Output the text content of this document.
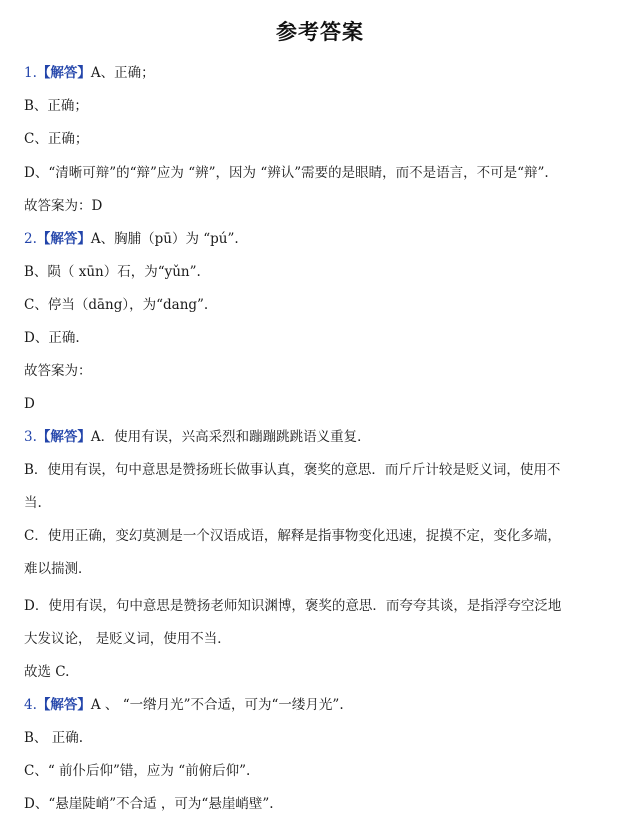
参考答案
1.【解答】A、正确；
B、正确；
C、正确；
D、“清晰可辩”的“辩”应为 “辨”，因为 “辨认”需要的是眼睛，而不是语言，不可是“辩”.
故答案为：D
2.【解答】A、胸脯（pū）为 “pú”.
B、陨（ xūn）石，为“yǔn”.
C、停当（dāng），为“dang”.
D、正确.
故答案为：
D
3.【解答】A．使用有误，兴高采烈和蹦蹦跳跳语义重复．
B．使用有误，句中意思是赞扬班长做事认真，褒奖的意思．而斤斤计较是贬义词，使用不
当.
C．使用正确，变幻莫测是一个汉语成语，解释是指事物变化迅速，捉摸不定，变化多端，
难以揣测．
D．使用有误，句中意思是赞扬老师知识渊博，褒奖的意思．而夸夸其谈，是指浮夸空泛地
大发议论， 是贬义词，使用不当．
故选 C.
4.【解答】A 、 “一绺月光”不合适，可为“一缕月光”.
B、 正确.
C、“ 前仆后仰”错，应为 “前俯后仰”.
D、“悬崖陡峭”不合适 ，可为“悬崖峭壁”.
